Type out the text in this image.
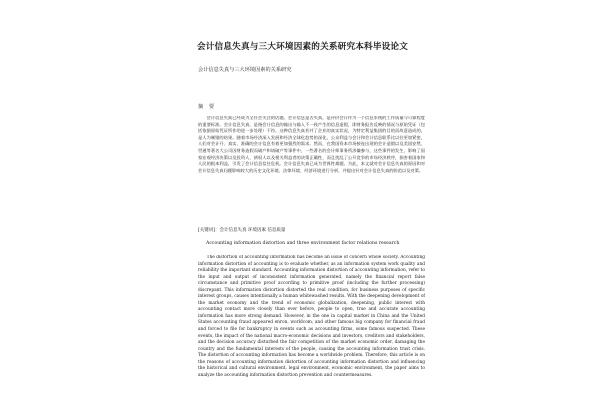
会计信息失真与三大环境因素的关系研究本科毕设论文
会计信息失真与三大环境因素的关系研究
摘 要

会计信息失真已经成为全社会关注的话题。会计信息是否失真，是评价会计作为一个信息系统的工作质量与可靠程度的重要标准。会计信息失真，是指会计信息的输出与输入不一致产生的信息虚假，即财务报告反映的情况与原始凭证（包括依据原始凭证所作的进一步处理）不符。这种信息失真若并了企业的真实状况，为特定利益集团的目的而故意造成的，是人为制错的结果。随着市场经济深入发展和经济全球化趋势的深化，公众利益与会计和会计信息联系比以往更加紧密，人们对会计开、真实、准确的会计信息有着更加强烈的需求。然而，在我国资本市场接连出现的会计造假以及美国安然、世通等著名大公司因财务造假而破产和请破产等事件中，一些著名的会计师事务所涉嫌参与，这些事件的发生，影响了国家宏观经济决策以及投资人、债权人以及相关利益者的决策正确性，而且扰乱了公开竞争的市场经济秩序，损害着国家和人民的根本利益，引发了会计信息信任危机。会计信息失真已成为世界性难题。为此，本文就对会计信息失真的原因和对会计信息失真问题影响较大的历史文化环境、法律环境、经济环境进行分析，并提出针对会计信息失真的防范以及对策。

[关键词]：会计信息失真 环境因素 信息质量
Accounting information distortion and three environment factor relations research

The distortion of accounting information has become an issue of concern whole society. Accounting information distortion of accounting is to evaluate whether, as an information system work quality and reliability the important standard. Accounting information distortion of accounting information, refer to the input and output of inconsistent information generated, namely the financial report false circumstance and primitive proof according to primitive proof (including the further processing) discrepant. This information distortion distorted the real condition, for business purposes of specific interest groups, causes intentionally a human whitewashed results. With the deepening development of the market economy and the trend of economic globalization, deepening, public interest with accounting contact more closely than ever before, people to open, true and accurate accounting information has more strong demand. However, in the one in capital market in China and the United States accounting fraud appeared enron, worldcom, and other famous big company for financial fraud and forced to file for bankruptcy in events such as accounting firms, some famous suspected. These events, the impact of the national macro-economic decisions and investors, creditors and stakeholders, and the decision accuracy disturbed the fair competition of the market economic order, damaging the country and the fundamental interests of the people, causing the accounting information trust crisis. The distortion of accounting information has become a worldwide problem. Therefore, this article is on the reasons of accounting information distortion of accounting information distortion and influencing the historical and cultural environment, legal environment, economic environment, the paper aims to analyze the accounting information distortion prevention and countermeasures.
